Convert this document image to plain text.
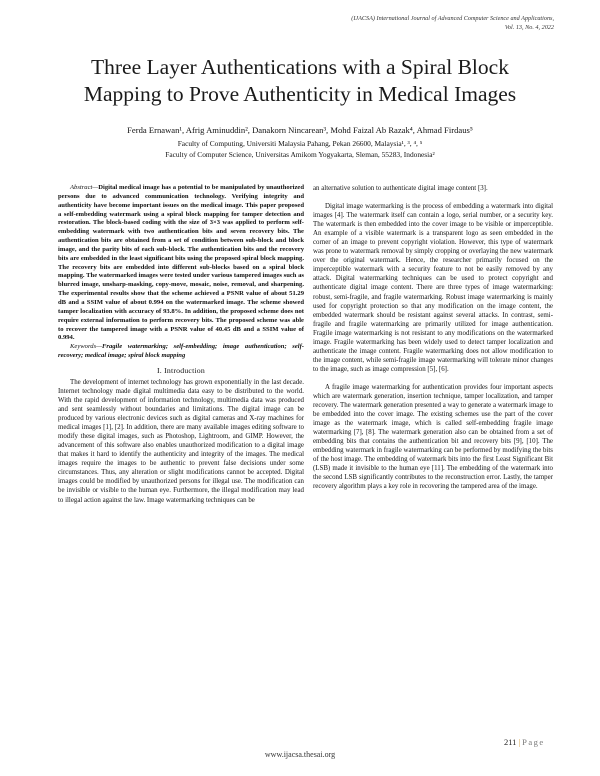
(IJACSA) International Journal of Advanced Computer Science and Applications,
Vol. 13, No. 4, 2022
Three Layer Authentications with a Spiral Block
Mapping to Prove Authenticity in Medical Images
Ferda Ernawan¹, Afrig Aminuddin², Danakorn Nincarean³, Mohd Faizal Ab Razak⁴, Ahmad Firdaus⁵
Faculty of Computing, Universiti Malaysia Pahang, Pekan 26600, Malaysia¹, ³, ⁴, ⁵
Faculty of Computer Science, Universitas Amikom Yogyakarta, Sleman, 55283, Indonesia²

Abstract—Digital medical image has a potential to be manipulated by unauthorized persons due to advanced communication technology. Verifying integrity and authenticity have become important issues on the medical image. This paper proposed a self-embedding watermark using a spiral block mapping for tamper detection and restoration. The block-based coding with the size of 3×3 was applied to perform self-embedding watermark with two authentication bits and seven recovery bits. The authentication bits are obtained from a set of condition between sub-block and block image, and the parity bits of each sub-block. The authentication bits and the recovery bits are embedded in the least significant bits using the proposed spiral block mapping. The recovery bits are embedded into different sub-blocks based on a spiral block mapping. The watermarked images were tested under various tampered images such as blurred image, unsharp-masking, copy-move, mosaic, noise, removal, and sharpening. The experimental results show that the scheme achieved a PSNR value of about 51.29 dB and a SSIM value of about 0.994 on the watermarked image. The scheme showed tamper localization with accuracy of 93.8%. In addition, the proposed scheme does not require external information to perform recovery bits. The proposed scheme was able to recover the tampered image with a PSNR value of 40.45 dB and a SSIM value of 0.994.

Keywords—Fragile watermarking; self-embedding; image authentication; self-recovery; medical image; spiral block mapping

I. Introduction

The development of internet technology has grown exponentially in the last decade. Internet technology made digital multimedia data easy to be distributed to the world. With the rapid development of information technology, multimedia data was produced and sent seamlessly without boundaries and limitations. The digital image can be produced by various electronic devices such as digital cameras and X-ray machines for medical images [1], [2]. In addition, there are many available images editing software to modify these digital images, such as Photoshop, Lightroom, and GIMP. However, the advancement of this software also enables unauthorized modification to a digital image that makes it hard to identify the authenticity and integrity of the images. The medical images require the images to be authentic to prevent false decisions under some circumstances. Thus, any alteration or slight modifications cannot be accepted. Digital images could be modified by unauthorized persons for illegal use. The modification can be invisible or visible to the human eye. Furthermore, the illegal modification may lead to illegal action against the law. Image watermarking techniques can be

an alternative solution to authenticate digital image content [3].

Digital image watermarking is the process of embedding a watermark into digital images [4]. The watermark itself can contain a logo, serial number, or a security key. The watermark is then embedded into the cover image to be visible or imperceptible. An example of a visible watermark is a transparent logo as seen embedded in the corner of an image to prevent copyright violation. However, this type of watermark was prone to watermark removal by simply cropping or overlaying the new watermark over the original watermark. Hence, the researcher primarily focused on the imperceptible watermark with a security feature to not be easily removed by any attack. Digital watermarking techniques can be used to protect copyright and authenticate digital image content. There are three types of image watermarking: robust, semi-fragile, and fragile watermarking. Robust image watermarking is mainly used for copyright protection so that any modification on the image content, the embedded watermark should be resistant against several attacks. In contrast, semi-fragile and fragile watermarking are primarily utilized for image authentication. Fragile image watermarking is not resistant to any modifications on the watermarked image. Fragile watermarking has been widely used to detect tamper localization and authenticate the image content. Fragile watermarking does not allow modification to the image content, while semi-fragile image watermarking will tolerate minor changes to the image, such as image compression [5], [6].

A fragile image watermarking for authentication provides four important aspects which are watermark generation, insertion technique, tamper localization, and tamper recovery. The watermark generation presented a way to generate a watermark image to be embedded into the cover image. The existing schemes use the part of the cover image as the watermark image, which is called self-embedding fragile image watermarking [7], [8]. The watermark generation also can be obtained from a set of embedding bits that contains the authentication bit and recovery bits [9], [10]. The embedding watermark in fragile watermarking can be performed by modifying the bits of the host image. The embedding of watermark bits into the first Least Significant Bit (LSB) made it invisible to the human eye [11]. The embedding of the watermark into the second LSB significantly contributes to the reconstruction error. Lastly, the tamper recovery algorithm plays a key role in recovering the tampered area of the image.

211 | Page
www.ijacsa.thesai.org
